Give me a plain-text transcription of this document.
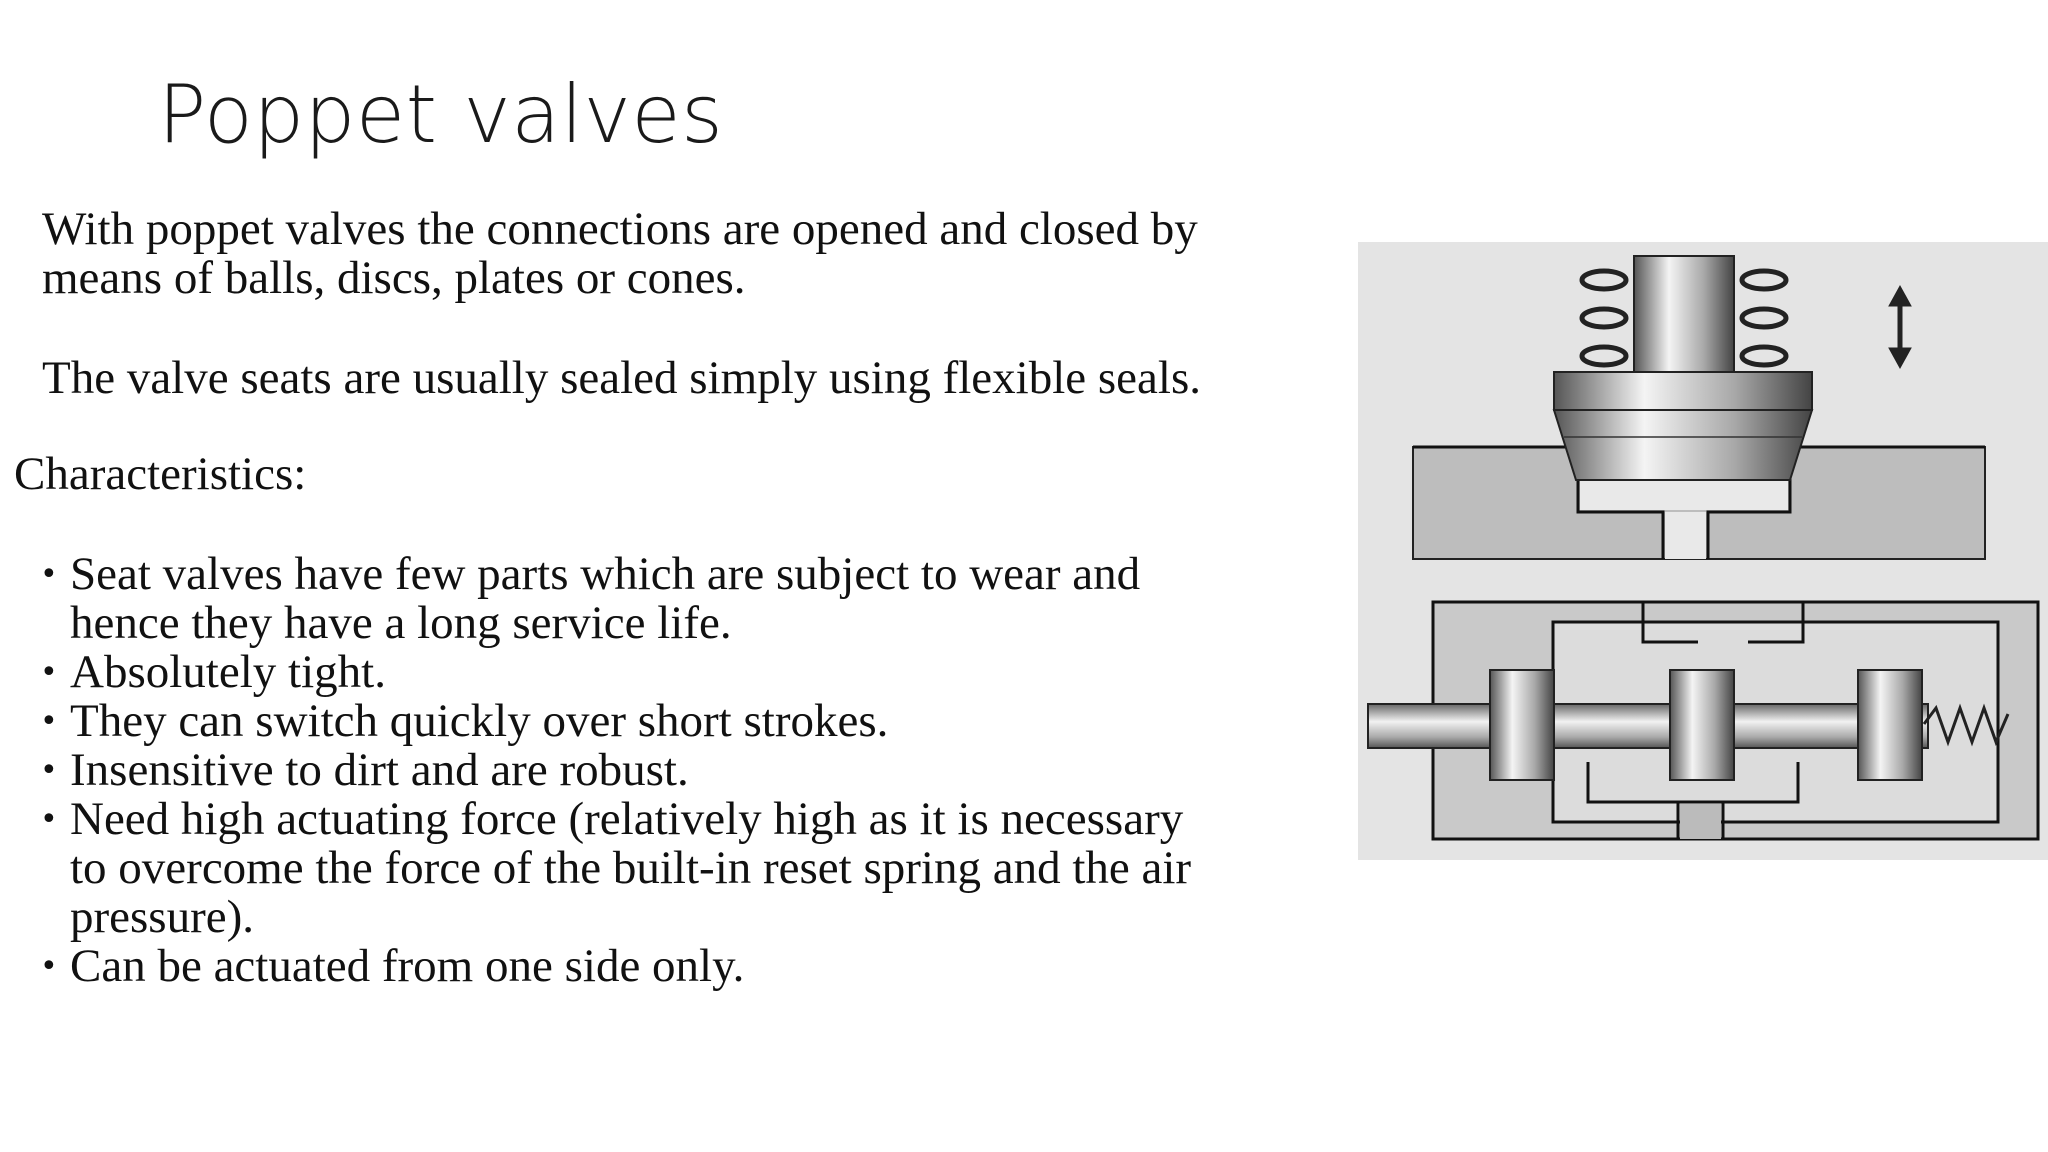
Poppet valves
With poppet valves the connections are opened and closed by
means of balls, discs, plates or cones.
The valve seats are usually sealed simply using flexible seals.
Characteristics:
• Seat valves have few parts which are subject to wear and
hence they have a long service life.
• Absolutely tight.
• They can switch quickly over short strokes.
• Insensitive to dirt and are robust.
• Need high actuating force (relatively high as it is necessary
to overcome the force of the built-in reset spring and the air
pressure).
• Can be actuated from one side only.
